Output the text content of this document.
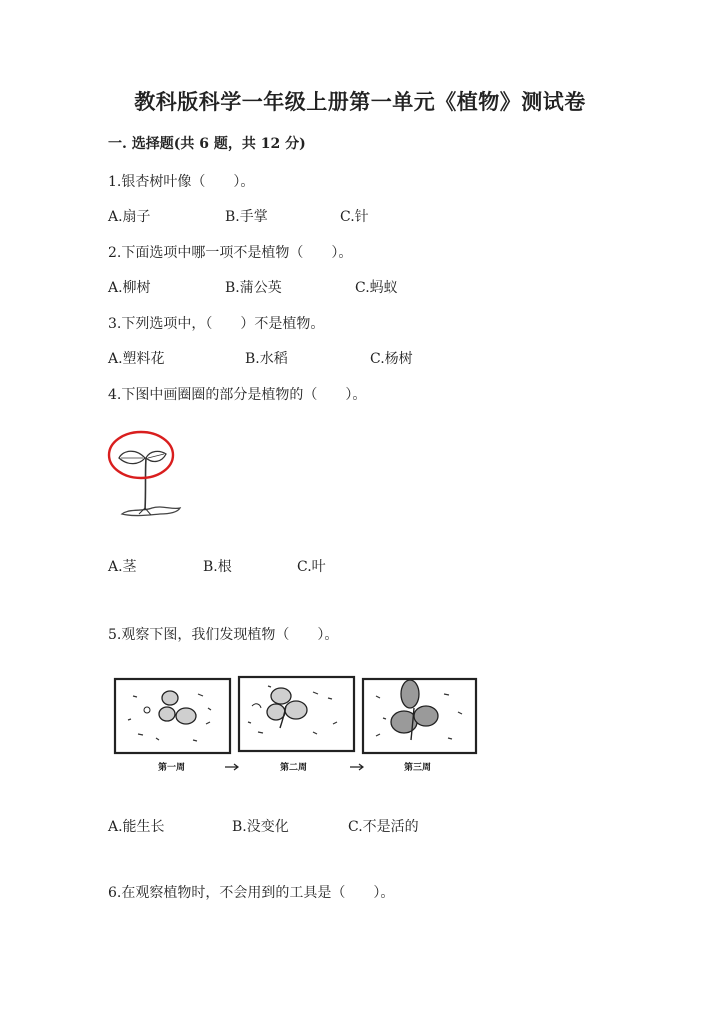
教科版科学一年级上册第一单元《植物》测试卷
一. 选择题(共 6 题，共 12 分)
1.银杏树叶像（　　）。
A.扇子	B.手掌	C.针
2.下面选项中哪一项不是植物（　　）。
A.柳树	B.蒲公英	C.蚂蚁
3.下列选项中，（　　）不是植物。
A.塑料花	B.水稻	C.杨树
4.下图中画圈圈的部分是植物的（　　）。
A.茎	B.根	C.叶
5.观察下图，我们发现植物（　　）。
第一周	第二周	第三周
A.能生长	B.没变化	C.不是活的
6.在观察植物时，不会用到的工具是（　　）。
